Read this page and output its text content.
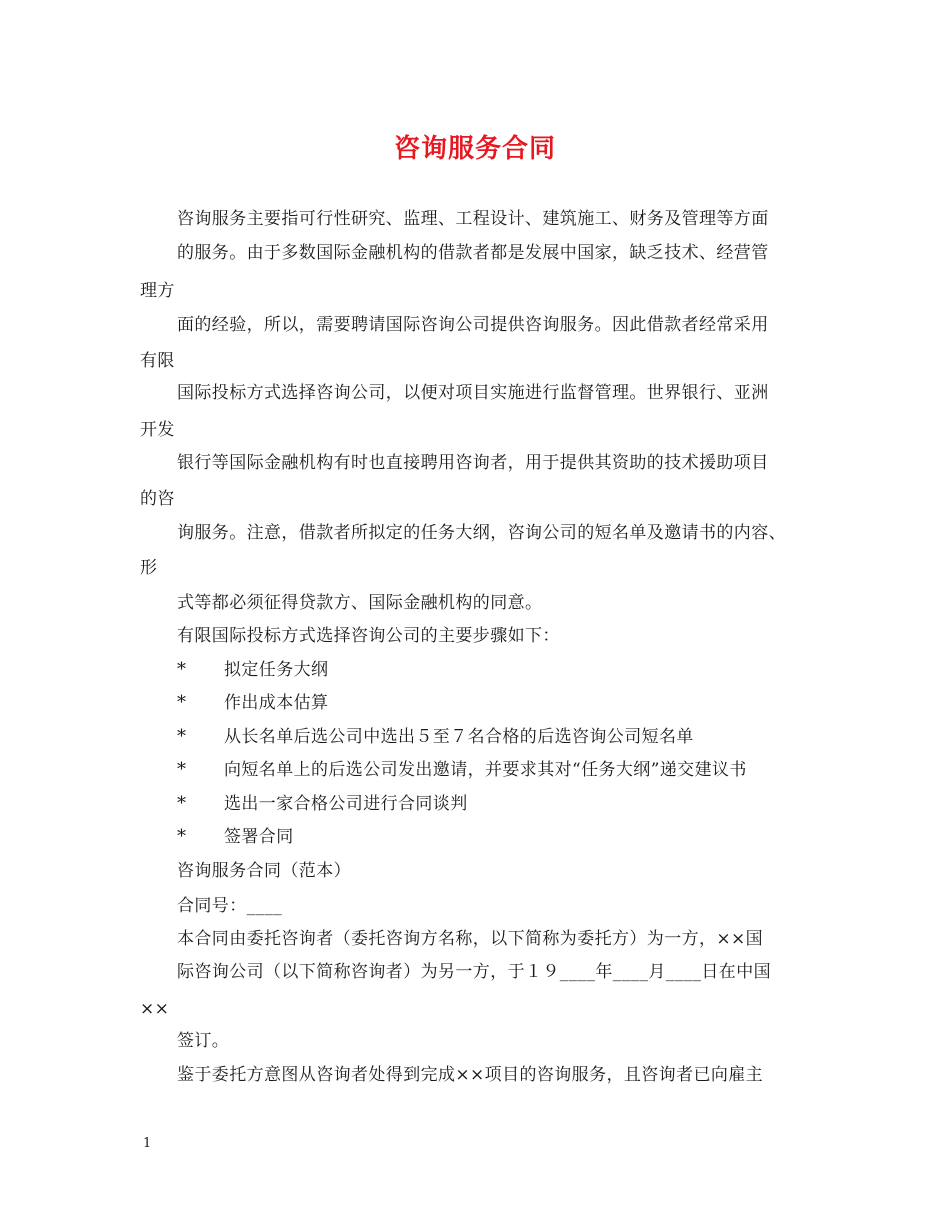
咨询服务合同
咨询服务主要指可行性研究、监理、工程设计、建筑施工、财务及管理等方面
的服务。由于多数国际金融机构的借款者都是发展中国家，缺乏技术、经营管
理方
面的经验，所以，需要聘请国际咨询公司提供咨询服务。因此借款者经常采用
有限
国际投标方式选择咨询公司，以便对项目实施进行监督管理。世界银行、亚洲
开发
银行等国际金融机构有时也直接聘用咨询者，用于提供其资助的技术援助项目
的咨
询服务。注意，借款者所拟定的任务大纲，咨询公司的短名单及邀请书的内容、
形
式等都必须征得贷款方、国际金融机构的同意。
有限国际投标方式选择咨询公司的主要步骤如下：
* 拟定任务大纲
* 作出成本估算
* 从长名单后选公司中选出５至７名合格的后选咨询公司短名单
* 向短名单上的后选公司发出邀请，并要求其对“任务大纲”递交建议书
* 选出一家合格公司进行合同谈判
* 签署合同
咨询服务合同（范本）
合同号：____
本合同由委托咨询者（委托咨询方名称，以下简称为委托方）为一方，××国
际咨询公司（以下简称咨询者）为另一方，于１９____年____月____日在中国
××
签订。
鉴于委托方意图从咨询者处得到完成××项目的咨询服务，且咨询者已向雇主
1
